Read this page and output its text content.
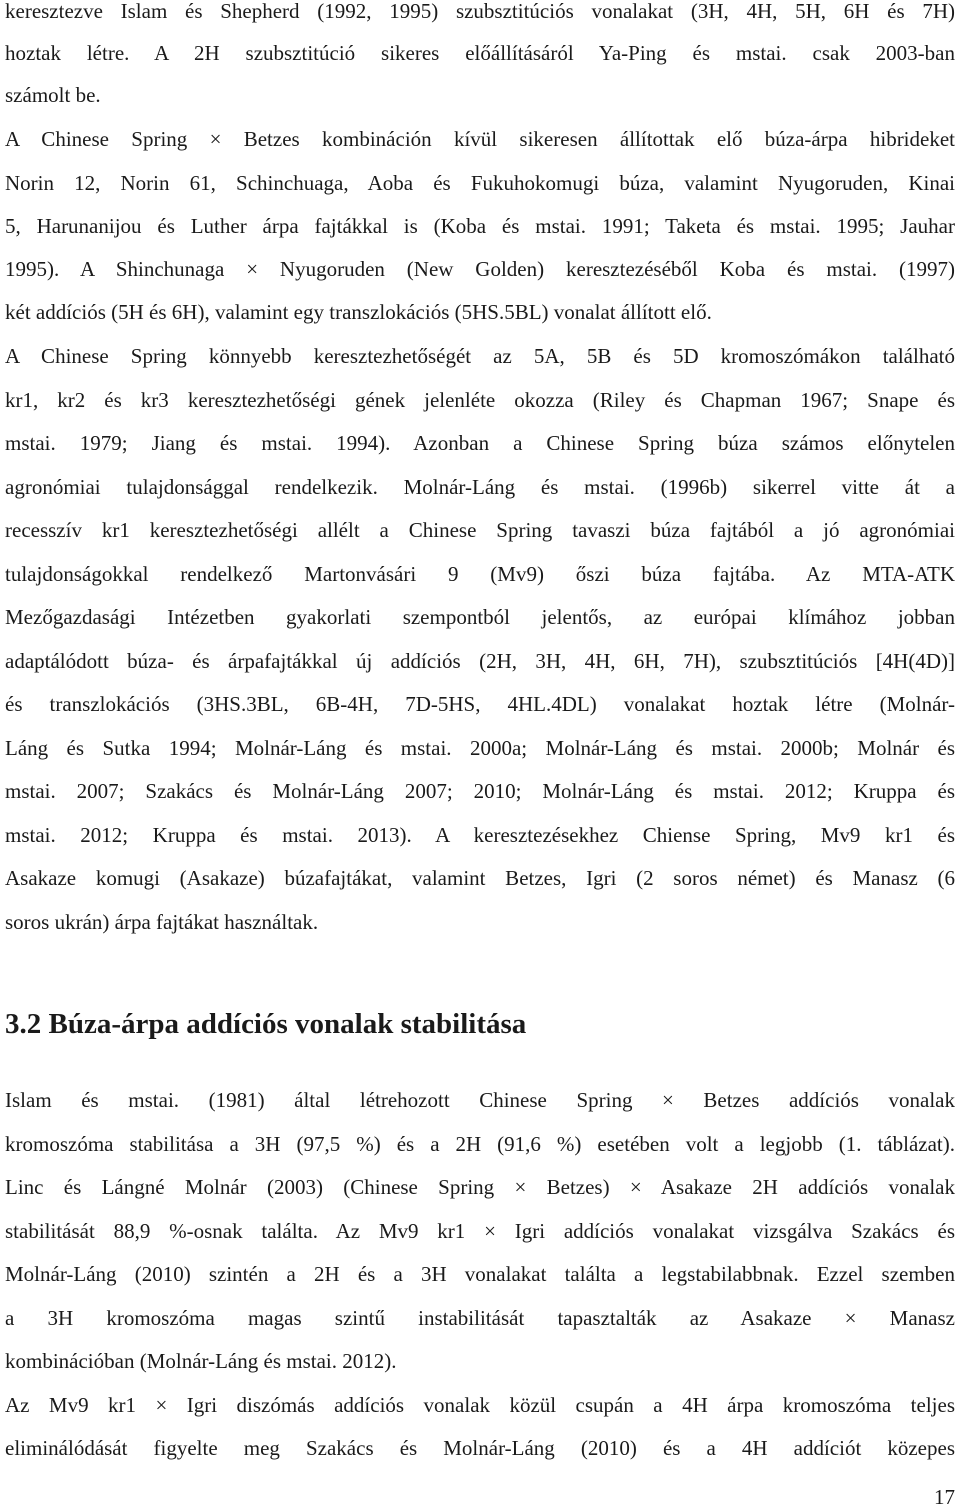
keresztezve Islam és Shepherd (1992, 1995) szubsztitúciós vonalakat (3H, 4H, 5H, 6H és 7H)
hoztak létre. A 2H szubsztitúció sikeres előállításáról Ya-Ping és mstai. csak 2003-ban
számolt be.
A Chinese Spring × Betzes kombináción kívül sikeresen állítottak elő búza-árpa hibrideket
Norin 12, Norin 61, Schinchuaga, Aoba és Fukuhokomugi búza, valamint Nyugoruden, Kinai
5, Harunanijou és Luther árpa fajtákkal is (Koba és mstai. 1991; Taketa és mstai. 1995; Jauhar
1995). A Shinchunaga × Nyugoruden (New Golden) keresztezéséből Koba és mstai. (1997)
két addíciós (5H és 6H), valamint egy transzlokációs (5HS.5BL) vonalat állított elő.
A Chinese Spring könnyebb keresztezhetőségét az 5A, 5B és 5D kromoszómákon található
kr1, kr2 és kr3 keresztezhetőségi gének jelenléte okozza (Riley és Chapman 1967; Snape és
mstai. 1979; Jiang és mstai. 1994). Azonban a Chinese Spring búza számos előnytelen
agronómiai tulajdonsággal rendelkezik. Molnár-Láng és mstai. (1996b) sikerrel vitte át a
recesszív kr1 keresztezhetőségi allélt a Chinese Spring tavaszi búza fajtából a jó agronómiai
tulajdonságokkal rendelkező Martonvásári 9 (Mv9) őszi búza fajtába. Az MTA-ATK
Mezőgazdasági Intézetben gyakorlati szempontból jelentős, az európai klímához jobban
adaptálódott búza- és árpafajtákkal új addíciós (2H, 3H, 4H, 6H, 7H), szubsztitúciós [4H(4D)]
és transzlokációs (3HS.3BL, 6B-4H, 7D-5HS, 4HL.4DL) vonalakat hoztak létre (Molnár-
Láng és Sutka 1994; Molnár-Láng és mstai. 2000a; Molnár-Láng és mstai. 2000b; Molnár és
mstai. 2007; Szakács és Molnár-Láng 2007; 2010; Molnár-Láng és mstai. 2012; Kruppa és
mstai. 2012; Kruppa és mstai. 2013). A keresztezésekhez Chiense Spring, Mv9 kr1 és
Asakaze komugi (Asakaze) búzafajtákat, valamint Betzes, Igri (2 soros német) és Manasz (6
soros ukrán) árpa fajtákat használtak.
3.2 Búza-árpa addíciós vonalak stabilitása
Islam és mstai. (1981) által létrehozott Chinese Spring × Betzes addíciós vonalak
kromoszóma stabilitása a 3H (97,5 %) és a 2H (91,6 %) esetében volt a legjobb (1. táblázat).
Linc és Lángné Molnár (2003) (Chinese Spring × Betzes) × Asakaze 2H addíciós vonalak
stabilitását 88,9 %-osnak találta. Az Mv9 kr1 × Igri addíciós vonalakat vizsgálva Szakács és
Molnár-Láng (2010) szintén a 2H és a 3H vonalakat találta a legstabilabbnak. Ezzel szemben
a 3H kromoszóma magas szintű instabilitását tapasztalták az Asakaze × Manasz
kombinációban (Molnár-Láng és mstai. 2012).
Az Mv9 kr1 × Igri diszómás addíciós vonalak közül csupán a 4H árpa kromoszóma teljes
eliminálódását figyelte meg Szakács és Molnár-Láng (2010) és a 4H addíciót közepes
17
